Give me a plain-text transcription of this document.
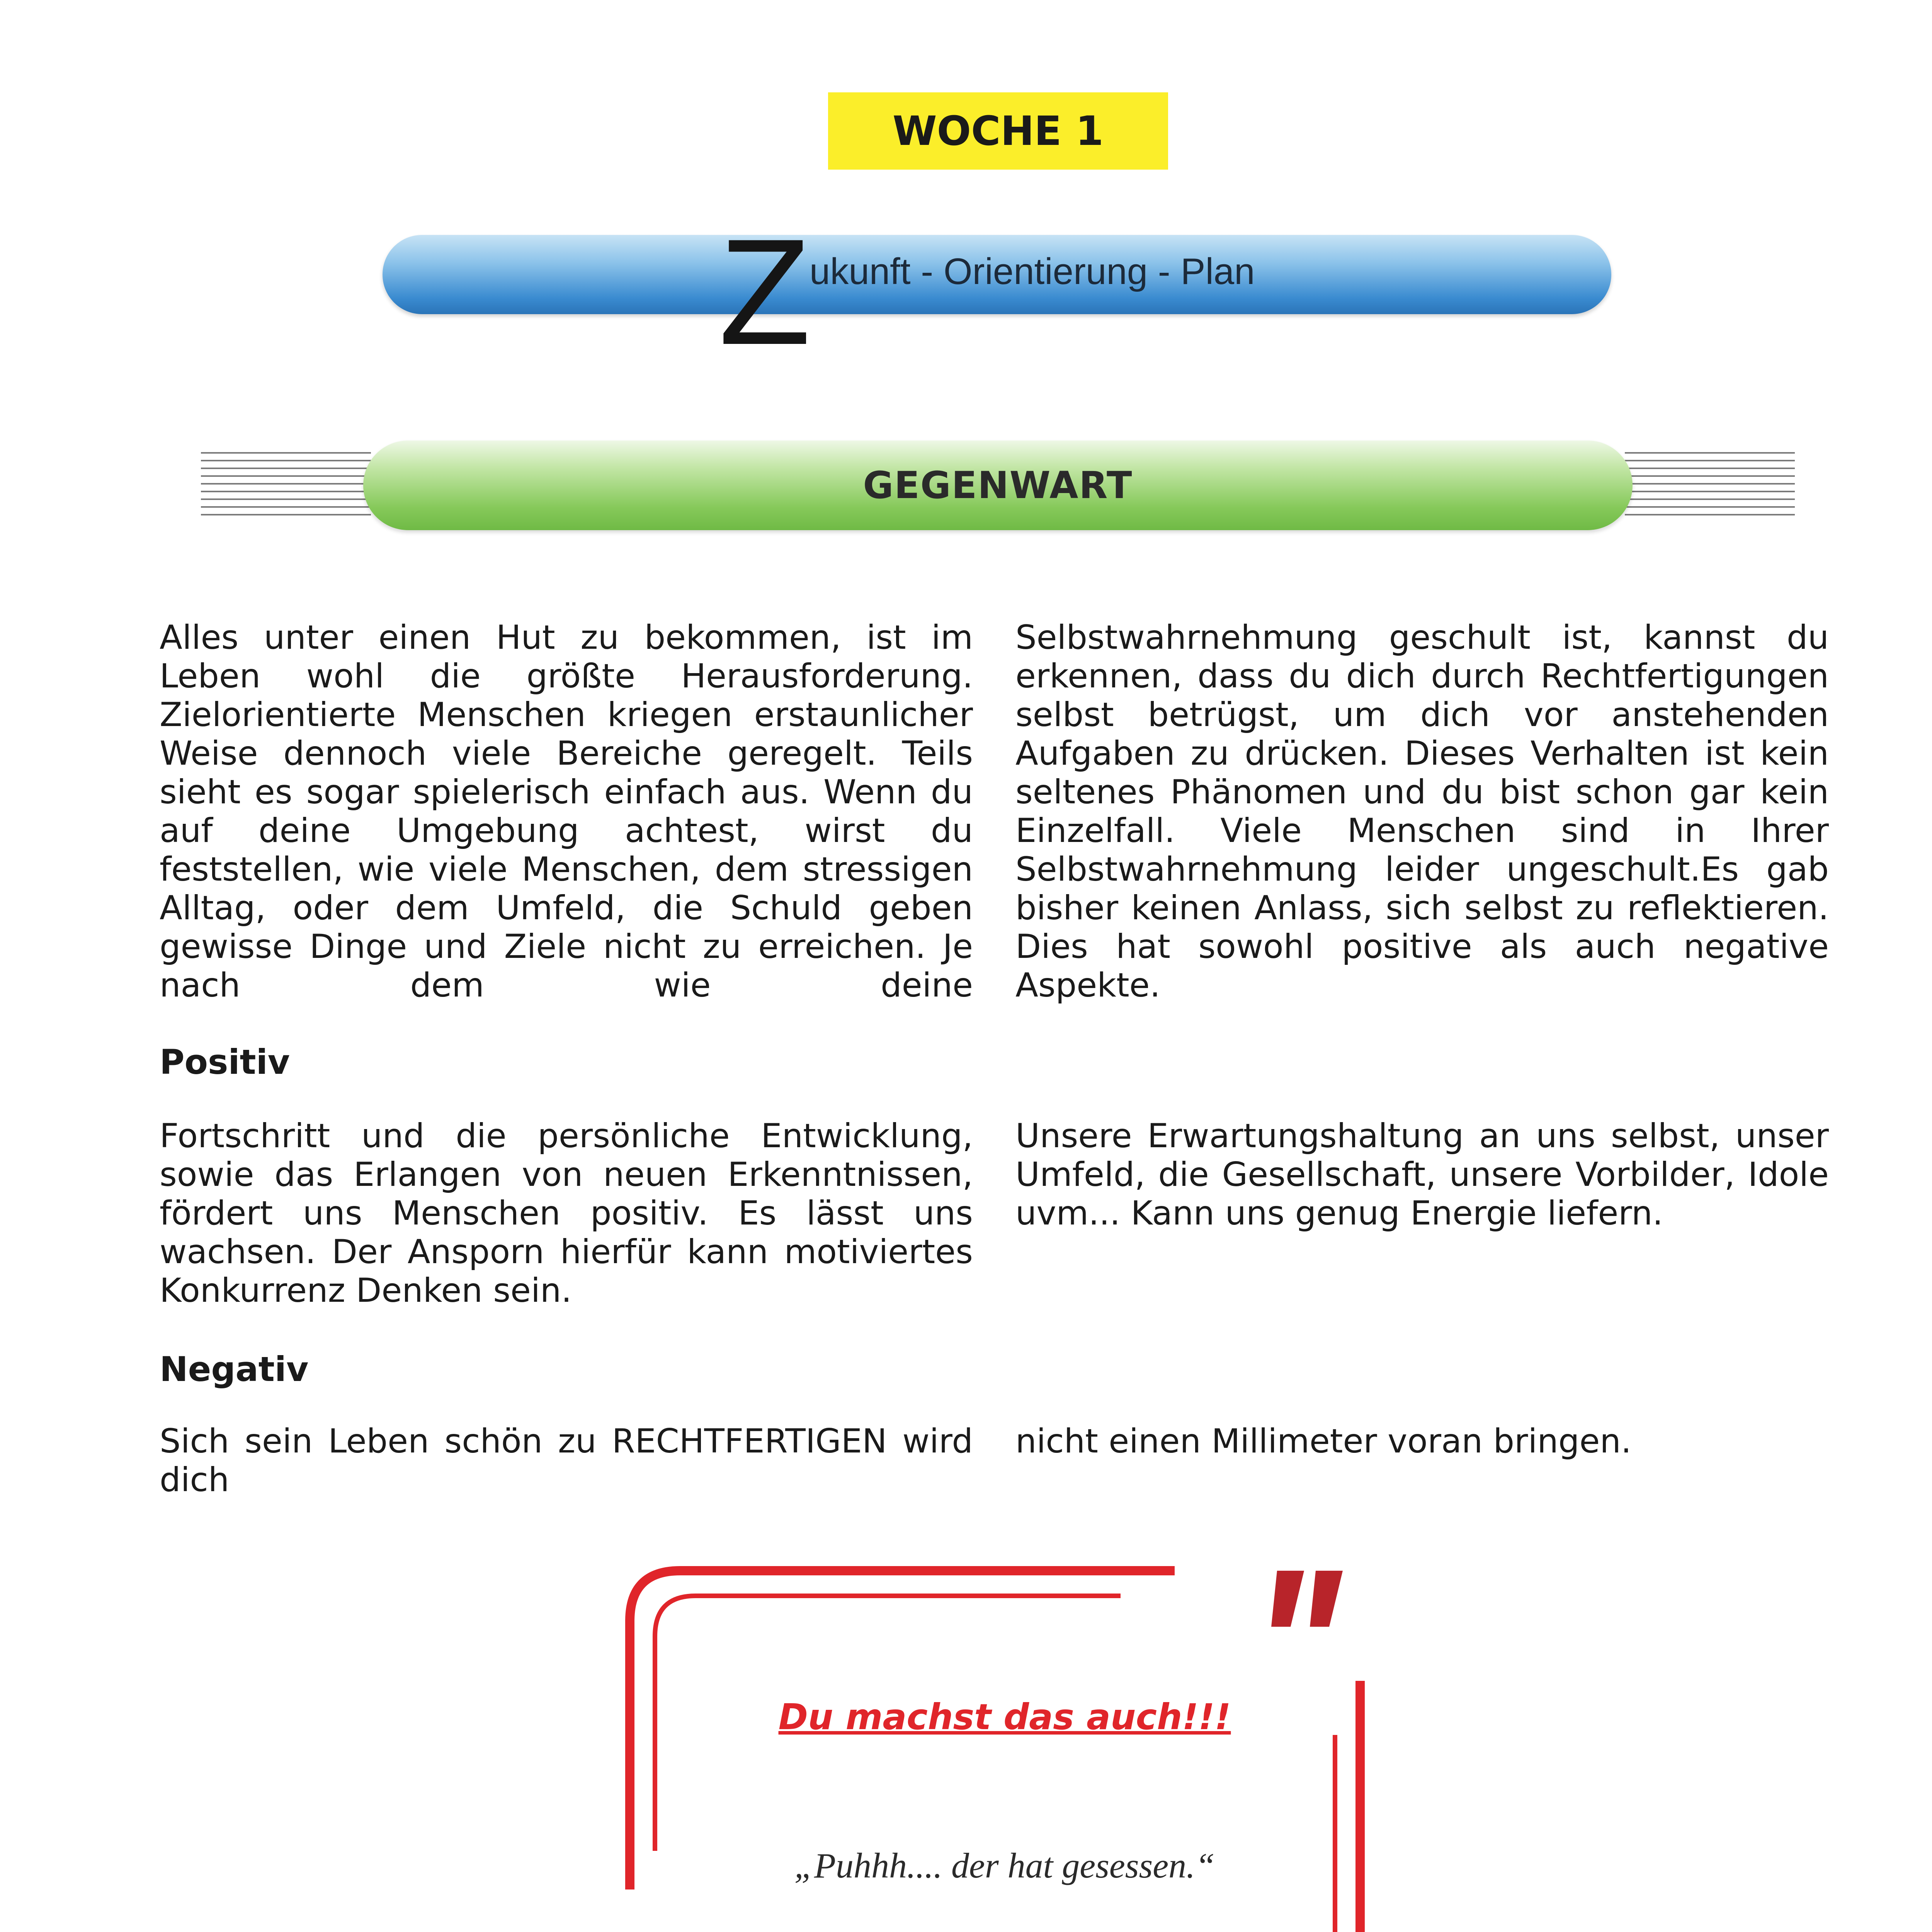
WOCHE 1
Z
ukunft - Orientierung - Plan
GEGENWART
Alles unter einen Hut zu bekommen, ist im Leben wohl die größte Herausforderung. Zielorientierte Menschen kriegen erstaunlicher Weise dennoch viele Bereiche geregelt. Teils sieht es sogar spielerisch einfach aus. Wenn du auf deine Umgebung achtest, wirst du feststellen, wie viele Menschen, dem stressigen Alltag, oder dem Umfeld, die Schuld geben gewisse Dinge und Ziele nicht zu erreichen. Je nach dem wie deine
Selbstwahrnehmung geschult ist, kannst du erkennen, dass du dich durch Rechtfertigungen selbst betrügst, um dich vor anstehenden Aufgaben zu drücken. Dieses Verhalten ist kein seltenes Phänomen und du bist schon gar kein Einzelfall. Viele Menschen sind in Ihrer Selbstwahrnehmung leider ungeschult.Es gab bisher keinen Anlass, sich selbst zu reflektieren. Dies hat sowohl positive als auch negative Aspekte.
Positiv
Fortschritt und die persönliche Entwicklung, sowie das Erlangen von neuen Erkenntnissen, fördert uns Menschen positiv. Es lässt uns wachsen. Der Ansporn hierfür kann motiviertes Konkurrenz Denken sein.
Unsere Erwartungshaltung an uns selbst, unser Umfeld, die Gesellschaft, unsere Vorbilder, Idole uvm... Kann uns genug Energie liefern.
Negativ
Sich sein Leben schön zu RECHTFERTIGEN wird dich
nicht einen Millimeter voran bringen.
Du machst das auch!!!
„Puhhh.... der hat gesessen.“
